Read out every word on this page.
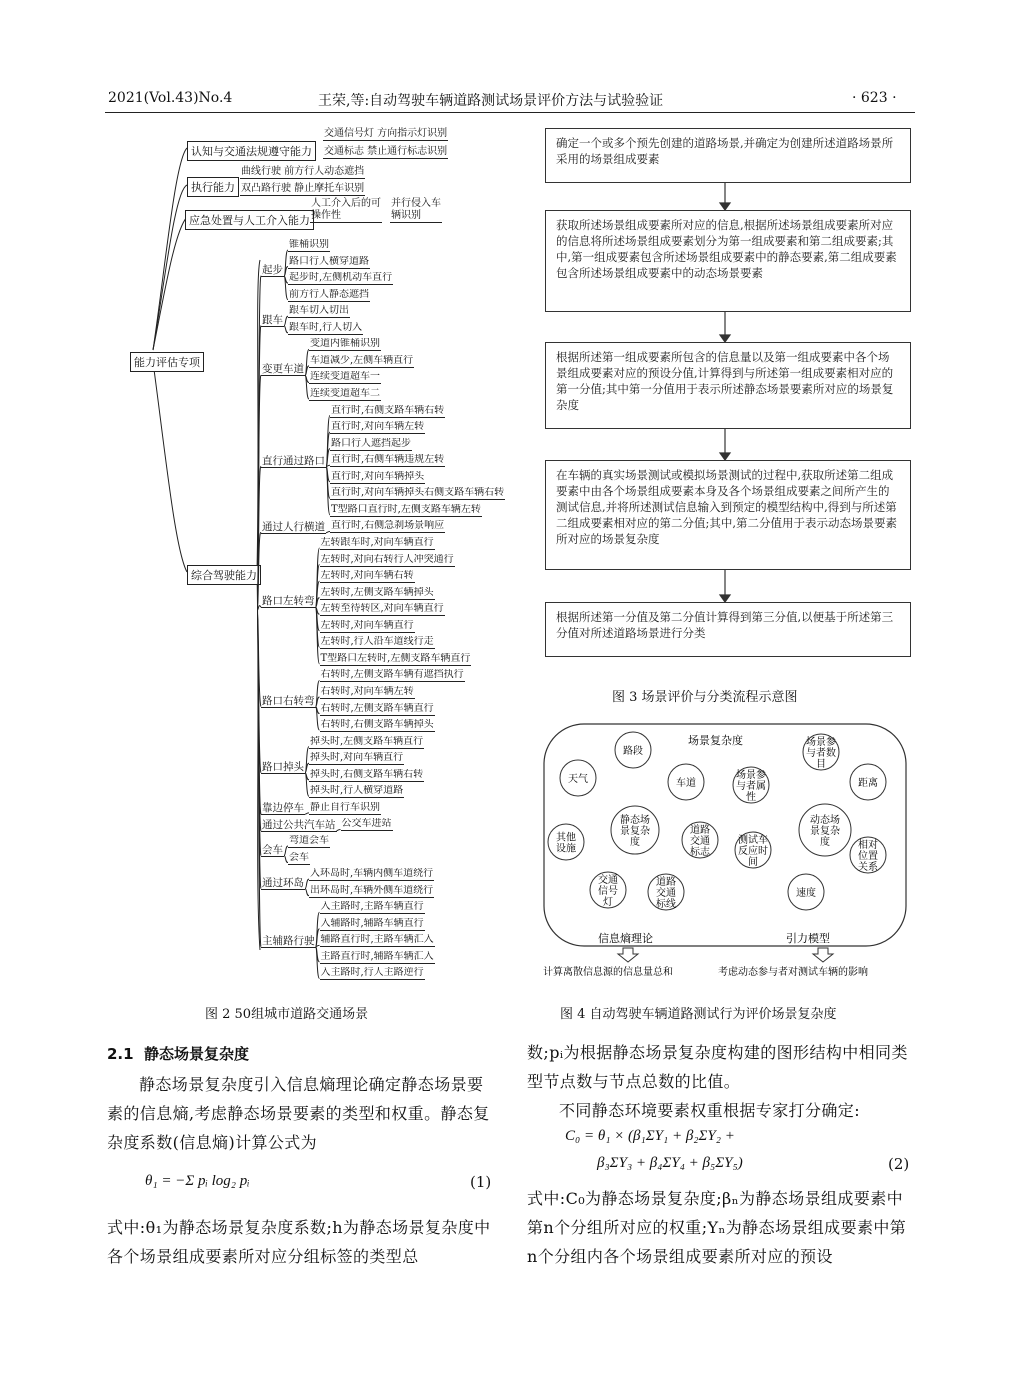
2021(Vol.43)No.4	王荣,等:自动驾驶车辆道路测试场景评价方法与试验验证	· 623 ·
能力评估专项
认知与交通法规遵守能力
交通信号灯 方向指示灯识别
交通标志 禁止通行标志识别
执行能力
曲线行驶 前方行人动态遮挡
双凸路行驶 静止摩托车识别
应急处置与人工介入能力
人工介入后的可操作性
并行侵入车辆识别
综合驾驶能力
起步
锥桶识别
路口行人横穿道路
起步时,左侧机动车直行
前方行人静态遮挡
跟车
跟车切入切出
跟车时,行人切入
变更车道
变道内锥桶识别
车道减少,左侧车辆直行
连续变道超车一
连续变道超车二
直行通过路口
直行时,右侧支路车辆右转
直行时,对向车辆左转
路口行人遮挡起步
直行时,右侧车辆违规左转
直行时,对向车辆掉头
直行时,对向车辆掉头右侧支路车辆右转
T型路口直行时,左侧支路车辆左转
通过人行横道 直行时,右侧急刹场景响应
路口左转弯
左转跟车时,对向车辆直行
左转时,对向右转行人冲突通行
左转时,对向车辆右转
左转时,左侧支路车辆掉头
左转至待转区,对向车辆直行
左转时,对向车辆直行
左转时,行人沿车道线行走
T型路口左转时,左侧支路车辆直行
路口右转弯
右转时,左侧支路车辆有遮挡执行
右转时,对向车辆左转
右转时,左侧支路车辆直行
右转时,右侧支路车辆掉头
路口掉头
掉头时,左侧支路车辆直行
掉头时,对向车辆直行
掉头时,右侧支路车辆右转
掉头时,行人横穿道路
靠边停车 静止自行车识别
通过公共汽车站 公交车进站
会车
弯道会车
会车
通过环岛
入环岛时,车辆内侧车道绕行
出环岛时,车辆外侧车道绕行
主辅路行驶
入主路时,主路车辆直行
入辅路时,辅路车辆直行
辅路直行时,主路车辆汇入
主路直行时,辅路车辆汇入
入主路时,行人主路逆行
图 2 50组城市道路交通场景
确定一个或多个预先创建的道路场景,并确定为创建所述道路场景所采用的场景组成要素
获取所述场景组成要素所对应的信息,根据所述场景组成要素所对应的信息将所述场景组成要素划分为第一组成要素和第二组成要素;其中,第一组成要素包含所述场景组成要素中的静态要素,第二组成要素包含所述场景组成要素中的动态场景要素
根据所述第一组成要素所包含的信息量以及第一组成要素中各个场景组成要素对应的预设分值,计算得到与所述第一组成要素相对应的第一分值;其中第一分值用于表示所述静态场景要素所对应的场景复杂度
在车辆的真实场景测试或模拟场景测试的过程中,获取所述第二组成要素中由各个场景组成要素本身及各个场景组成要素之间所产生的测试信息,并将所述测试信息输入到预定的模型结构中,得到与所述第二组成要素相对应的第二分值;其中,第二分值用于表示动态场景要素所对应的场景复杂度
根据所述第一分值及第二分值计算得到第三分值,以便基于所述第三分值对所述道路场景进行分类
图 3 场景评价与分类流程示意图
场景复杂度
静态场
景复杂
度
动态场
景复杂
度
路段
车道
天气
其他
设施
道路
交通
标志
交通
信号
灯
道路
交通
标线
场景参
与者数
目
场景参
与者属
性
距离
相对
位置
关系
测试车
反应时
间
速度
信息熵理论	引力模型
计算离散信息源的信息量总和	考虑动态参与者对测试车辆的影响
图 4 自动驾驶车辆道路测试行为评价场景复杂度
2.1 静态场景复杂度
静态场景复杂度引入信息熵理论确定静态场景要素的信息熵,考虑静态场景要素的类型和权重。静态复杂度系数(信息熵)计算公式为
θ₁ = −Σ pᵢ log₂ pᵢ	(1)
式中:θ₁为静态场景复杂度系数;h为静态场景复杂度中各个场景组成要素所对应分组标签的类型总
数;pᵢ为根据静态场景复杂度构建的图形结构中相同类型节点数与节点总数的比值。
不同静态环境要素权重根据专家打分确定:
C₀ = θ₁ × (β₁ΣY₁ + β₂ΣY₂ +
β₃ΣY₃ + β₄ΣY₄ + β₅ΣY₅)	(2)
式中:C₀为静态场景复杂度;βₙ为静态场景组成要素中第n个分组所对应的权重;Yₙ为静态场景组成要素中第n个分组内各个场景组成要素所对应的预设
